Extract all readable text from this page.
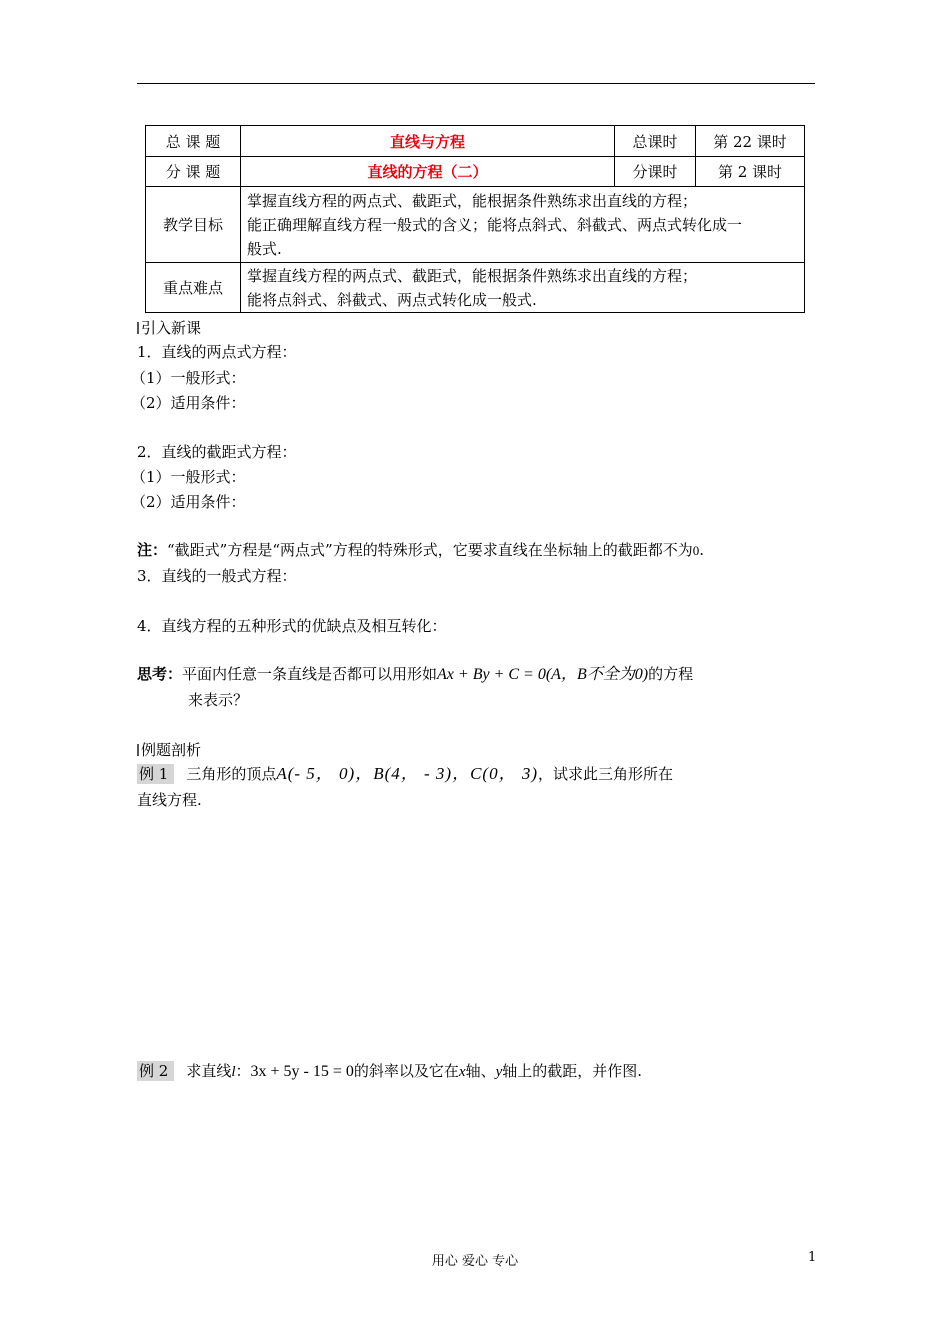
总 课 题	直线与方程	总课时	第 22 课时
分 课 题	直线的方程（二）	分课时	第 2 课时
教学目标	掌握直线方程的两点式、截距式，能根据条件熟练求出直线的方程；
能正确理解直线方程一般式的含义；能将点斜式、斜截式、两点式转化成一
般式.		

重点难点	掌握直线方程的两点式、截距式，能根据条件熟练求出直线的方程；
能将点斜式、斜截式、两点式转化成一般式.		
引入新课
1．直线的两点式方程：
（1）一般形式：
（2）适用条件：
2．直线的截距式方程：
（1）一般形式：
（2）适用条件：
注：“截距式”方程是“两点式”方程的特殊形式，它要求直线在坐标轴上的截距都不为0.
3．直线的一般式方程：
4．直线方程的五种形式的优缺点及相互转化：
思考：平面内任意一条直线是否都可以用形如Ax + By + C = 0(A，B不全为0)的方程
来表示？
例题剖析
例 1 三角形的顶点A(- 5， 0)，B(4， - 3)，C(0， 3)，试求此三角形所在
直线方程.
例 2 求直线l：3x + 5y - 15 = 0的斜率以及它在x轴、y轴上的截距，并作图.
用心 爱心 专心	1
